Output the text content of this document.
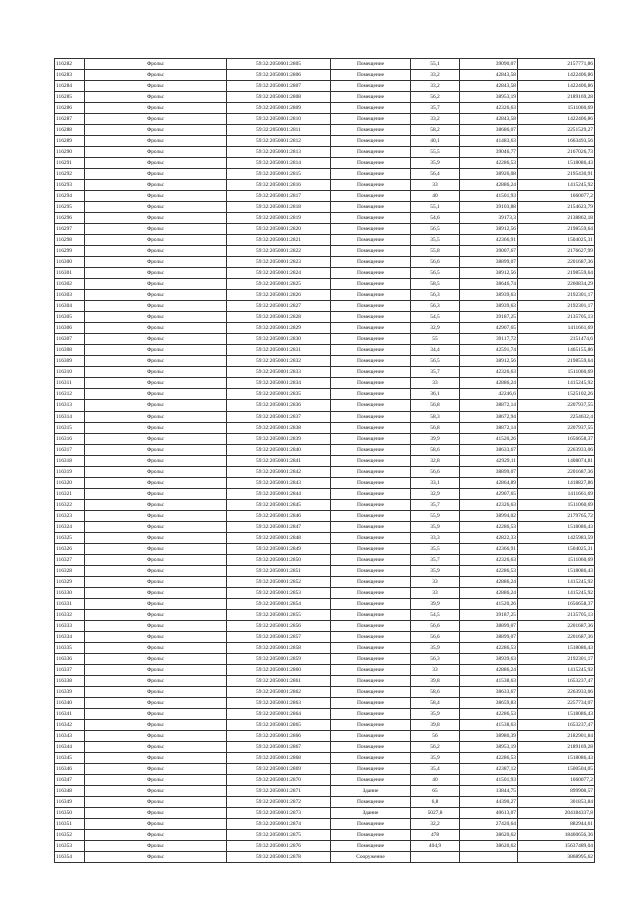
116282	Фрольс	59:32:2050001:2805	Помещение	55,1	39090,07	2157771,86
116283	Фрольс	59:32:2050001:2806	Помещение	33,2	42843,58	1422406,86
116284	Фрольс	59:32:2050001:2807	Помещение	33,2	42843,58	1422406,86
116285	Фрольс	59:32:2050001:2808	Помещение	56,2	38953,19	2189169,28
116286	Фрольс	59:32:2050001:2809	Помещение	35,7	42326,63	1511060,69
116287	Фрольс	59:32:2050001:2810	Помещение	33,2	42843,58	1422406,86
116288	Фрольс	59:32:2050001:2811	Помещение	58,2	38686,07	2251529,27
116289	Фрольс	59:32:2050001:2812	Помещение	40,1	41483,63	1663493,56
116290	Фрольс	59:32:2050001:2813	Помещение	55,5	39046,77	2167026,73
116291	Фрольс	59:32:2050001:2814	Помещение	35,9	42286,53	1518086,43
116292	Фрольс	59:32:2050001:2815	Помещение	56,4	38926,08	2195430,91
116293	Фрольс	59:32:2050001:2816	Помещение	33	42886,24	1415245,92
116294	Фрольс	59:32:2050001:2817	Помещение	40	41501,93	1660077,2
116295	Фрольс	59:32:2050001:2818	Помещение	55,1	39103,88	2154623,79
116296	Фрольс	59:32:2050001:2819	Помещение	54,6	39173,3	2138862,18
116297	Фрольс	59:32:2050001:2820	Помещение	56,5	38912,56	2198559,64
116298	Фрольс	59:32:2050001:2821	Помещение	35,5	42366,91	1504025,31
116299	Фрольс	59:32:2050001:2822	Помещение	55,8	39007,67	2176627,99
116300	Фрольс	59:32:2050001:2823	Помещение	56,6	38899,07	2201687,36
116301	Фрольс	59:32:2050001:2824	Помещение	56,5	38912,56	2198559,64
116302	Фрольс	59:32:2050001:2825	Помещение	58,5	38646,74	2260834,29
116303	Фрольс	59:32:2050001:2826	Помещение	56,3	38939,63	2192301,17
116304	Фрольс	59:32:2050001:2827	Помещение	56,3	38939,63	2192301,17
116305	Фрольс	59:32:2050001:2828	Помещение	54,5	39187,25	2135705,13
116306	Фрольс	59:32:2050001:2829	Помещение	32,9	42907,65	1411661,69
116307	Фрольс	59:32:2050001:2830	Помещение	55	39117,72	2151474,6
116308	Фрольс	59:32:2050001:2831	Помещение	34,4	42591,74	1465155,86
116309	Фрольс	59:32:2050001:2832	Помещение	56,5	38912,56	2198559,64
116310	Фрольс	59:32:2050001:2833	Помещение	35,7	42326,63	1511060,69
116311	Фрольс	59:32:2050001:2834	Помещение	33	42886,24	1415245,92
116312	Фрольс	59:32:2050001:2835	Помещение	36,1	42246,6	1525102,26
116313	Фрольс	59:32:2050001:2836	Помещение	56,8	38872,14	2207937,55
116314	Фрольс	59:32:2050001:2837	Помещение	58,3	38672,94	2254632,4
116315	Фрольс	59:32:2050001:2838	Помещение	56,8	38872,14	2207937,55
116316	Фрольс	59:32:2050001:2839	Помещение	39,9	41520,26	1656658,37
116317	Фрольс	59:32:2050001:2840	Помещение	58,6	38633,67	2263933,06
116318	Фрольс	59:32:2050001:2841	Помещение	32,8	42929,11	1408074,81
116319	Фрольс	59:32:2050001:2842	Помещение	56,6	38899,07	2201687,36
116320	Фрольс	59:32:2050001:2843	Помещение	33,1	42864,89	1418827,86
116321	Фрольс	59:32:2050001:2844	Помещение	32,9	42907,65	1411661,69
116322	Фрольс	59:32:2050001:2845	Помещение	35,7	42326,63	1511060,69
116323	Фрольс	59:32:2050001:2846	Помещение	55,9	38994,02	2179765,72
116324	Фрольс	59:32:2050001:2847	Помещение	35,9	42286,53	1518086,43
116325	Фрольс	59:32:2050001:2848	Помещение	33,3	42822,33	1425983,59
116326	Фрольс	59:32:2050001:2849	Помещение	35,5	42366,91	1504025,31
116327	Фрольс	59:32:2050001:2850	Помещение	35,7	42326,63	1511060,69
116328	Фрольс	59:32:2050001:2851	Помещение	35,9	42286,53	1518086,43
116329	Фрольс	59:32:2050001:2852	Помещение	33	42886,24	1415245,92
116330	Фрольс	59:32:2050001:2853	Помещение	33	42886,24	1415245,92
116331	Фрольс	59:32:2050001:2854	Помещение	39,9	41520,26	1656658,37
116332	Фрольс	59:32:2050001:2855	Помещение	54,5	39187,25	2135705,13
116333	Фрольс	59:32:2050001:2856	Помещение	56,6	38899,07	2201687,36
116334	Фрольс	59:32:2050001:2857	Помещение	56,6	38899,07	2201687,36
116335	Фрольс	59:32:2050001:2858	Помещение	35,9	42286,53	1518086,43
116336	Фрольс	59:32:2050001:2859	Помещение	56,3	38939,63	2192301,17
116337	Фрольс	59:32:2050001:2860	Помещение	33	42886,24	1415245,92
116338	Фрольс	59:32:2050001:2861	Помещение	39,8	41538,63	1653237,47
116339	Фрольс	59:32:2050001:2862	Помещение	58,6	38633,67	2263933,06
116340	Фрольс	59:32:2050001:2863	Помещение	58,4	38659,83	2257734,07
116341	Фрольс	59:32:2050001:2864	Помещение	35,9	42286,53	1518086,43
116342	Фрольс	59:32:2050001:2865	Помещение	39,8	41538,63	1653237,47
116343	Фрольс	59:32:2050001:2866	Помещение	56	38980,39	2182901,84
116344	Фрольс	59:32:2050001:2867	Помещение	56,2	38953,19	2189169,28
116345	Фрольс	59:32:2050001:2868	Помещение	35,9	42286,53	1518086,43
116346	Фрольс	59:32:2050001:2869	Помещение	35,4	42387,12	1500504,05
116347	Фрольс	59:32:2050001:2870	Помещение	40	41501,93	1660077,2
116348	Фрольс	59:32:2050001:2871	Здание	65	13844,75	899908,57
116349	Фрольс	59:32:2050001:2872	Помещение	6,8	44390,27	301853,84
116350	Фрольс	59:32:2050001:2873	Здание	5027,8	40613,07	204184337,8
116351	Фрольс	59:32:2050001:2874	Помещение	32,2	27420,64	882944,61
116352	Фрольс	59:32:2050001:2875	Помещение	478	38620,62	18460656,36
116353	Фрольс	59:32:2050001:2876	Помещение	404,9	38620,62	15637489,04
116354	Фрольс	59:32:2050001:2878	Сооружение			3868995,62
